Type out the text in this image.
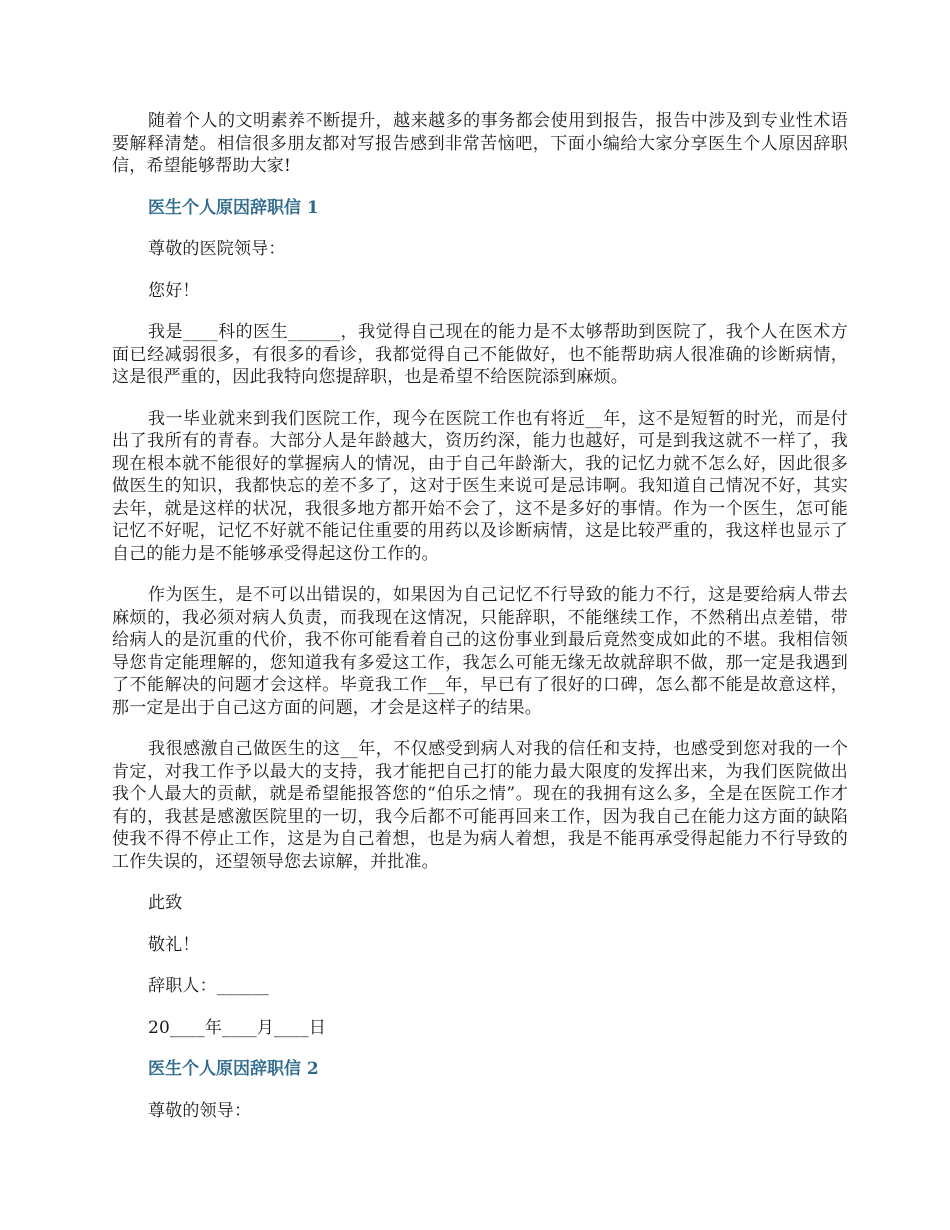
随着个人的文明素养不断提升，越来越多的事务都会使用到报告，报告中涉及到专业性术语要解释清楚。相信很多朋友都对写报告感到非常苦恼吧，下面小编给大家分享医生个人原因辞职信，希望能够帮助大家!

医生个人原因辞职信 1

尊敬的医院领导：

您好！

我是____科的医生______，我觉得自己现在的能力是不太够帮助到医院了，我个人在医术方面已经减弱很多，有很多的看诊，我都觉得自己不能做好，也不能帮助病人很准确的诊断病情，这是很严重的，因此我特向您提辞职，也是希望不给医院添到麻烦。

我一毕业就来到我们医院工作，现今在医院工作也有将近__年，这不是短暂的时光，而是付出了我所有的青春。大部分人是年龄越大，资历约深，能力也越好，可是到我这就不一样了，我现在根本就不能很好的掌握病人的情况，由于自己年龄渐大，我的记忆力就不怎么好，因此很多做医生的知识，我都快忘的差不多了，这对于医生来说可是忌讳啊。我知道自己情况不好，其实去年，就是这样的状况，我很多地方都开始不会了，这不是多好的事情。作为一个医生，怎可能记忆不好呢，记忆不好就不能记住重要的用药以及诊断病情，这是比较严重的，我这样也显示了自己的能力是不能够承受得起这份工作的。

作为医生，是不可以出错误的，如果因为自己记忆不行导致的能力不行，这是要给病人带去麻烦的，我必须对病人负责，而我现在这情况，只能辞职，不能继续工作，不然稍出点差错，带给病人的是沉重的代价，我不你可能看着自己的这份事业到最后竟然变成如此的不堪。我相信领导您肯定能理解的，您知道我有多爱这工作，我怎么可能无缘无故就辞职不做，那一定是我遇到了不能解决的问题才会这样。毕竟我工作__年，早已有了很好的口碑，怎么都不能是故意这样，那一定是出于自己这方面的问题，才会是这样子的结果。

我很感激自己做医生的这__年，不仅感受到病人对我的信任和支持，也感受到您对我的一个肯定，对我工作予以最大的支持，我才能把自己打的能力最大限度的发挥出来，为我们医院做出我个人最大的贡献，就是希望能报答您的“伯乐之情”。现在的我拥有这么多，全是在医院工作才有的，我甚是感激医院里的一切，我今后都不可能再回来工作，因为我自己在能力这方面的缺陷使我不得不停止工作，这是为自己着想，也是为病人着想，我是不能再承受得起能力不行导致的工作失误的，还望领导您去谅解，并批准。

此致

敬礼！

辞职人：______

20____年____月____日

医生个人原因辞职信 2

尊敬的领导：
